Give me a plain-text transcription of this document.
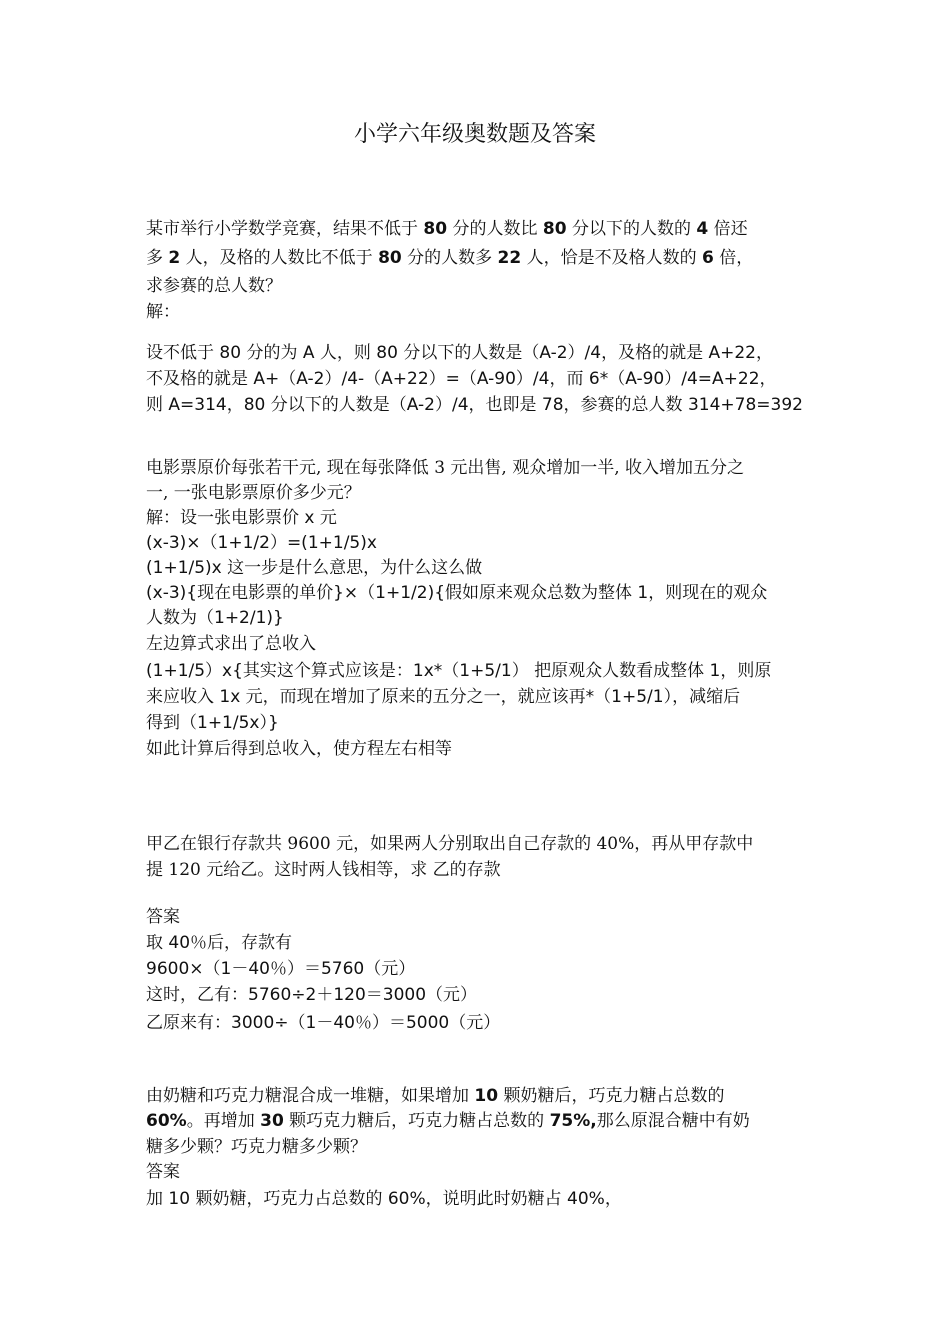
小学六年级奥数题及答案
某市举行小学数学竞赛，结果不低于 80 分的人数比 80 分以下的人数的 4 倍还
多 2 人，及格的人数比不低于 80 分的人数多 22 人，恰是不及格人数的 6 倍，
求参赛的总人数？
解：
设不低于 80 分的为 A 人，则 80 分以下的人数是（A-2）/4，及格的就是 A+22，
不及格的就是 A+（A-2）/4-（A+22）=（A-90）/4，而 6*（A-90）/4=A+22，
则 A=314，80 分以下的人数是（A-2）/4，也即是 78，参赛的总人数 314+78=392
电影票原价每张若干元, 现在每张降低 3 元出售, 观众增加一半, 收入增加五分之
一, 一张电影票原价多少元？
解：设一张电影票价 x 元
(x-3)×（1+1/2）=(1+1/5)x
(1+1/5)x 这一步是什么意思，为什么这么做
(x-3){现在电影票的单价}×（1+1/2){假如原来观众总数为整体 1，则现在的观众
人数为（1+2/1)}
左边算式求出了总收入
(1+1/5）x{其实这个算式应该是：1x*（1+5/1） 把原观众人数看成整体 1，则原
来应收入 1x 元，而现在增加了原来的五分之一，就应该再*（1+5/1），减缩后
得到（1+1/5x）}
如此计算后得到总收入，使方程左右相等
甲乙在银行存款共 9600 元，如果两人分别取出自己存款的 40%，再从甲存款中
提 120 元给乙。这时两人钱相等，求 乙的存款
答案
取 40％后，存款有
9600×（1－40％）＝5760（元）
这时，乙有：5760÷2＋120＝3000（元）
乙原来有：3000÷（1－40％）＝5000（元）
由奶糖和巧克力糖混合成一堆糖，如果增加 10 颗奶糖后，巧克力糖占总数的
60%。再增加 30 颗巧克力糖后，巧克力糖占总数的 75%,那么原混合糖中有奶
糖多少颗？巧克力糖多少颗？
答案
加 10 颗奶糖，巧克力占总数的 60%，说明此时奶糖占 40%，
